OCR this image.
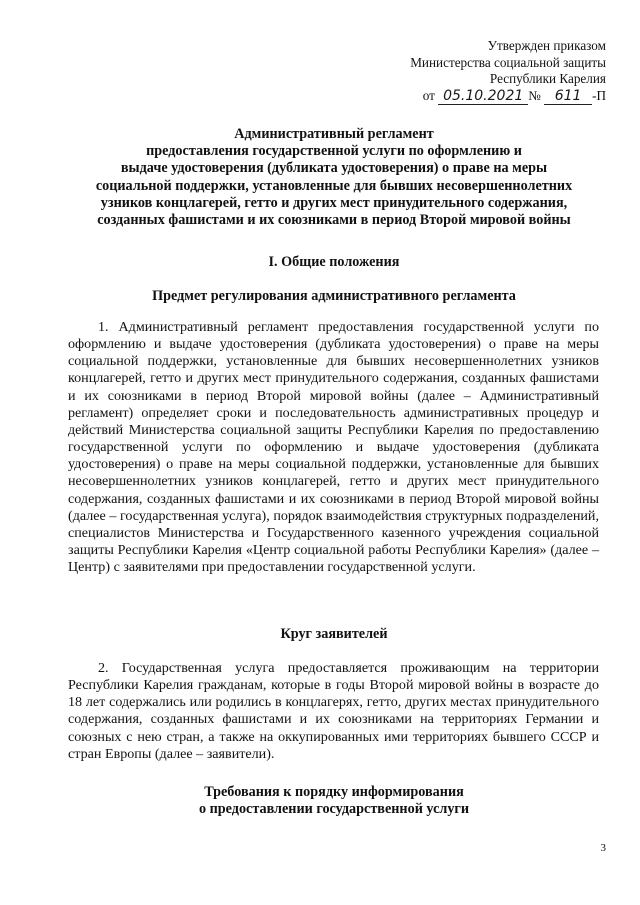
Утвержден приказом
Министерства социальной защиты
Республики Карелия
от 05.10.2021 № 611 -П
Административный регламент
предоставления государственной услуги по оформлению и
выдаче удостоверения (дубликата удостоверения) о праве на меры
социальной поддержки, установленные для бывших несовершеннолетних
узников концлагерей, гетто и других мест принудительного содержания,
созданных фашистами и их союзниками в период Второй мировой войны
I. Общие положения
Предмет регулирования административного регламента

1. Административный регламент предоставления государственной услуги по оформлению и выдаче удостоверения (дубликата удостоверения) о праве на меры социальной поддержки, установленные для бывших несовершеннолетних узников концлагерей, гетто и других мест принудительного содержания, созданных фашистами и их союзниками в период Второй мировой войны (далее – Административный регламент) определяет сроки и последовательность административных процедур и действий Министерства социальной защиты Республики Карелия по предоставлению государственной услуги по оформлению и выдаче удостоверения (дубликата удостоверения) о праве на меры социальной поддержки, установленные для бывших несовершеннолетних узников концлагерей, гетто и других мест принудительного содержания, созданных фашистами и их союзниками в период Второй мировой войны (далее – государственная услуга), порядок взаимодействия структурных подразделений, специалистов Министерства и Государственного казенного учреждения социальной защиты Республики Карелия «Центр социальной работы Республики Карелия» (далее – Центр) с заявителями при предоставлении государственной услуги.

Круг заявителей

2. Государственная услуга предоставляется проживающим на территории Республики Карелия гражданам, которые в годы Второй мировой войны в возрасте до 18 лет содержались или родились в концлагерях, гетто, других местах принудительного содержания, созданных фашистами и их союзниками на территориях Германии и союзных с нею стран, а также на оккупированных ими территориях бывшего СССР и стран Европы (далее – заявители).

Требования к порядку информирования
о предоставлении государственной услуги
3
